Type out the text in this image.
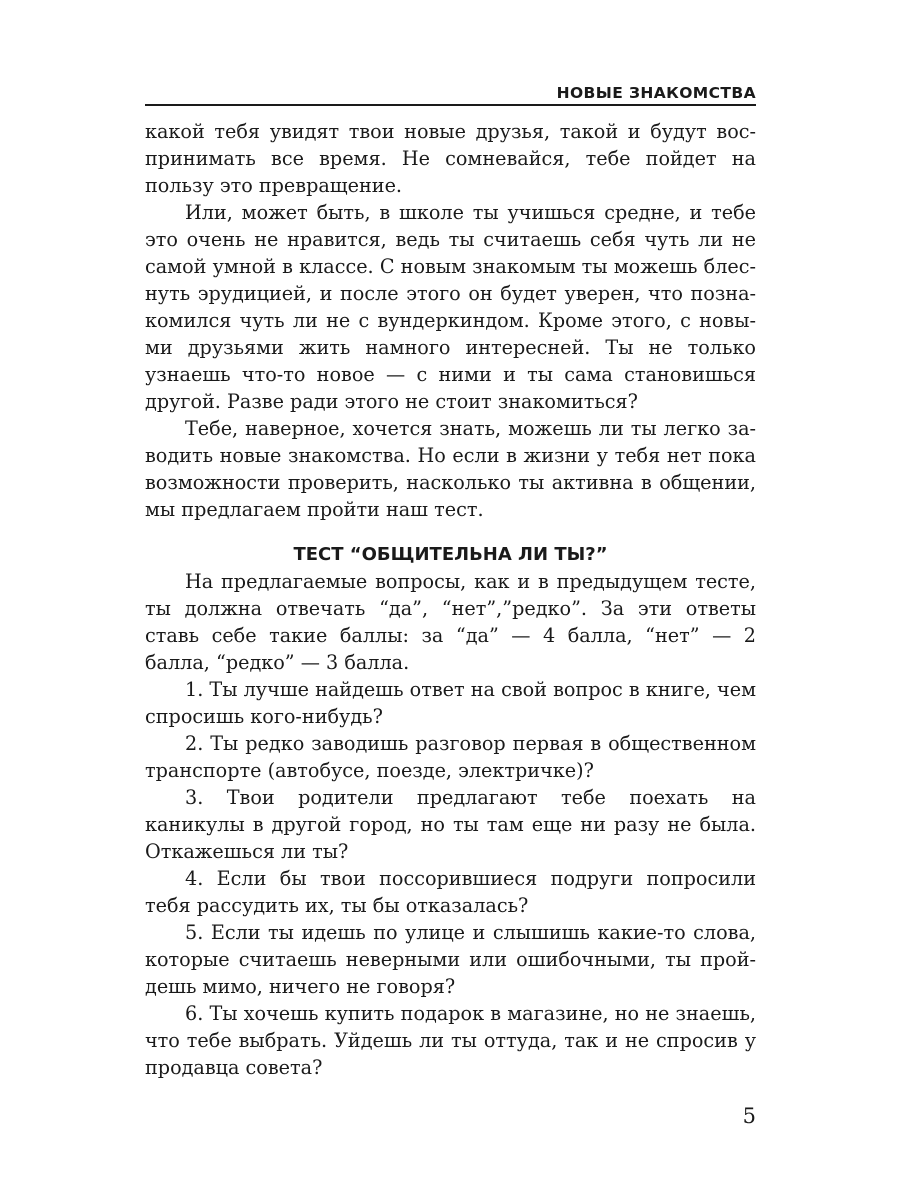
НОВЫЕ ЗНАКОМСТВА

какой тебя увидят твои новые друзья, такой и будут воспринимать все время. Не сомневайся, тебе пойдет на пользу это превращение.

Или, может быть, в школе ты учишься средне, и тебе это очень не нравится, ведь ты считаешь себя чуть ли не самой умной в классе. С новым знакомым ты можешь блеснуть эрудицией, и после этого он будет уверен, что познакомился чуть ли не с вундеркиндом. Кроме этого, с новыми друзьями жить намного интересней. Ты не только узнаешь что-то новое — с ними и ты сама становишься другой. Разве ради этого не стоит знакомиться?

Тебе, наверное, хочется знать, можешь ли ты легко заводить новые знакомства. Но если в жизни у тебя нет пока возможности проверить, насколько ты активна в общении, мы предлагаем пройти наш тест.

ТЕСТ “ОБЩИТЕЛЬНА ЛИ ТЫ?”

На предлагаемые вопросы, как и в предыдущем тесте, ты должна отвечать “да”, “нет”,”редко”. За эти ответы ставь себе такие баллы: за “да” — 4 балла, “нет” — 2 балла, “редко” — 3 балла.

1. Ты лучше найдешь ответ на свой вопрос в книге, чем спросишь кого-нибудь?

2. Ты редко заводишь разговор первая в общественном транспорте (автобусе, поезде, электричке)?

3. Твои родители предлагают тебе поехать на каникулы в другой город, но ты там еще ни разу не была. Откажешься ли ты?

4. Если бы твои поссорившиеся подруги попросили тебя рассудить их, ты бы отказалась?

5. Если ты идешь по улице и слышишь какие-то слова, которые считаешь неверными или ошибочными, ты пройдешь мимо, ничего не говоря?

6. Ты хочешь купить подарок в магазине, но не знаешь, что тебе выбрать. Уйдешь ли ты оттуда, так и не спросив у продавца совета?

5
